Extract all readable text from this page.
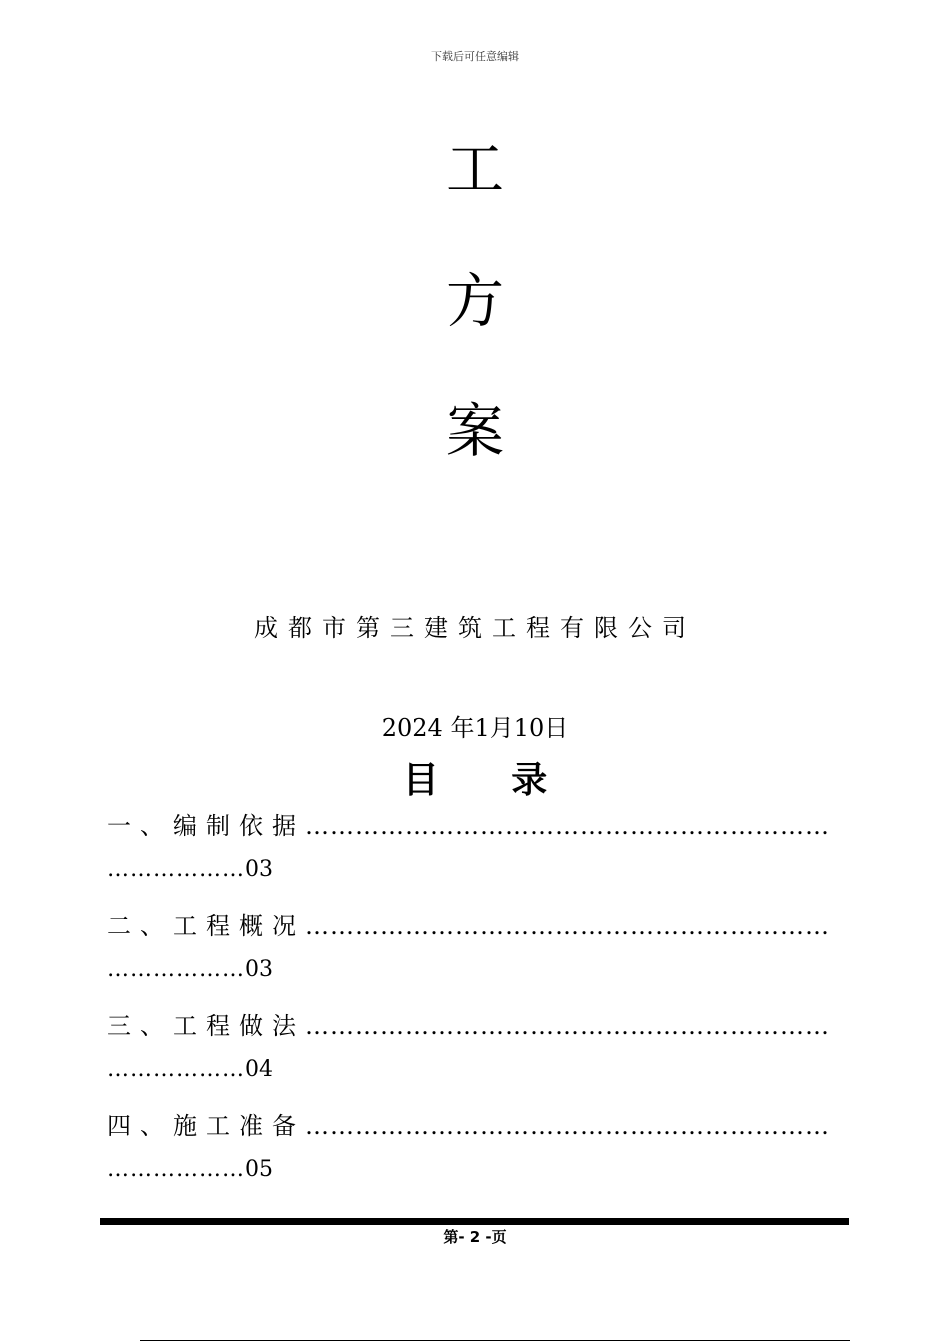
下载后可任意编辑
工
方
案
成都市第三建筑工程有限公司
2024 年1月10日
目 录
一、编制依据………………………………………………………
………………03
二、工程概况………………………………………………………
………………03
三、工程做法………………………………………………………
………………04
四、施工准备………………………………………………………
………………05
第- 2 -页
